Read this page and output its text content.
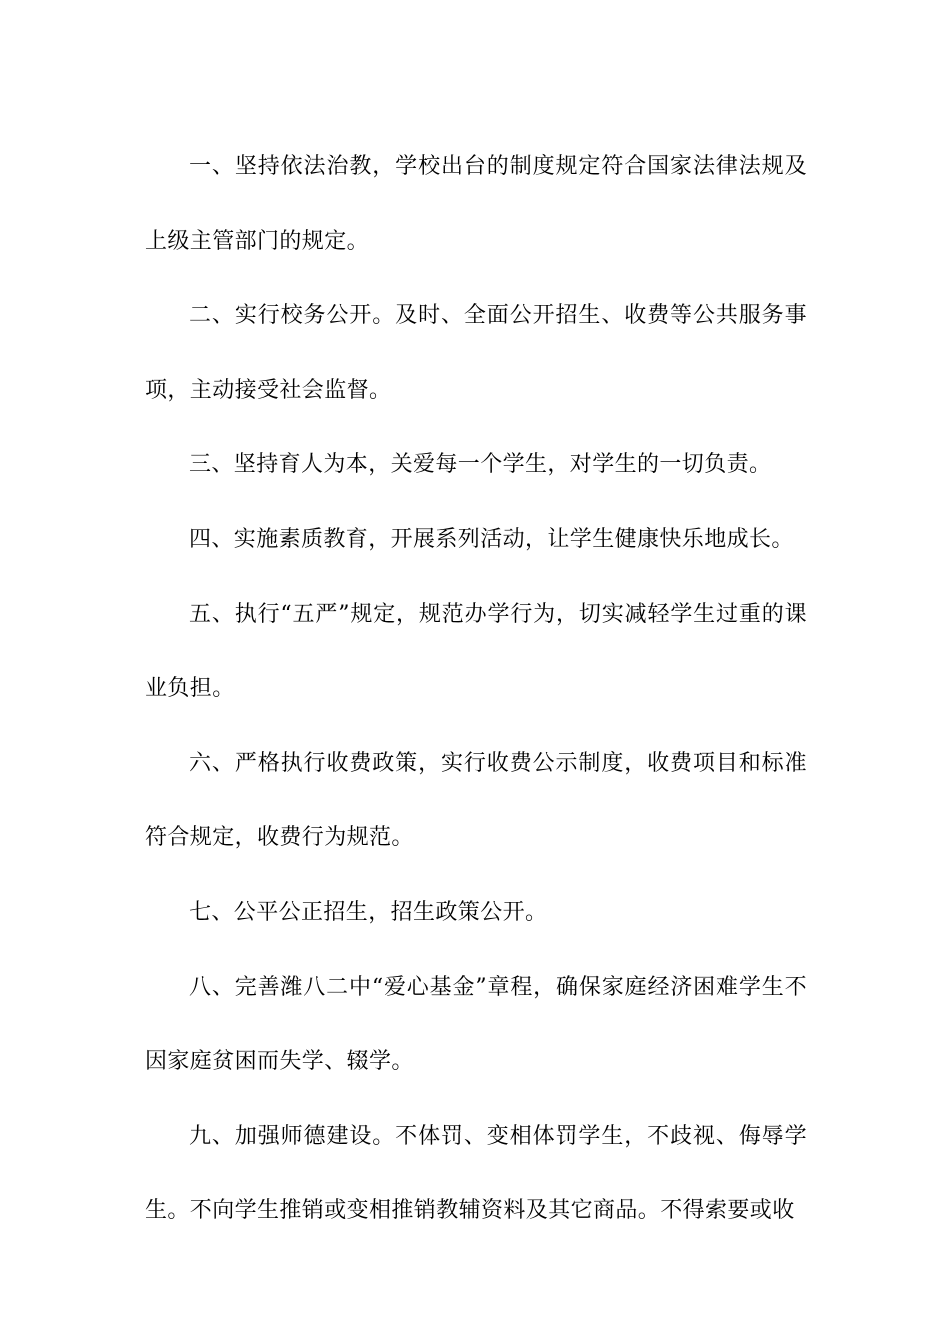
一、坚持依法治教，学校出台的制度规定符合国家法律法规及上级主管部门的规定。

二、实行校务公开。及时、全面公开招生、收费等公共服务事项，主动接受社会监督。

三、坚持育人为本，关爱每一个学生，对学生的一切负责。

四、实施素质教育，开展系列活动，让学生健康快乐地成长。

五、执行“五严”规定，规范办学行为，切实减轻学生过重的课业负担。

六、严格执行收费政策，实行收费公示制度，收费项目和标准符合规定，收费行为规范。

七、公平公正招生，招生政策公开。

八、完善潍八二中“爱心基金”章程，确保家庭经济困难学生不因家庭贫困而失学、辍学。

九、加强师德建设。不体罚、变相体罚学生，不歧视、侮辱学生。不向学生推销或变相推销教辅资料及其它商品。不得索要或收
